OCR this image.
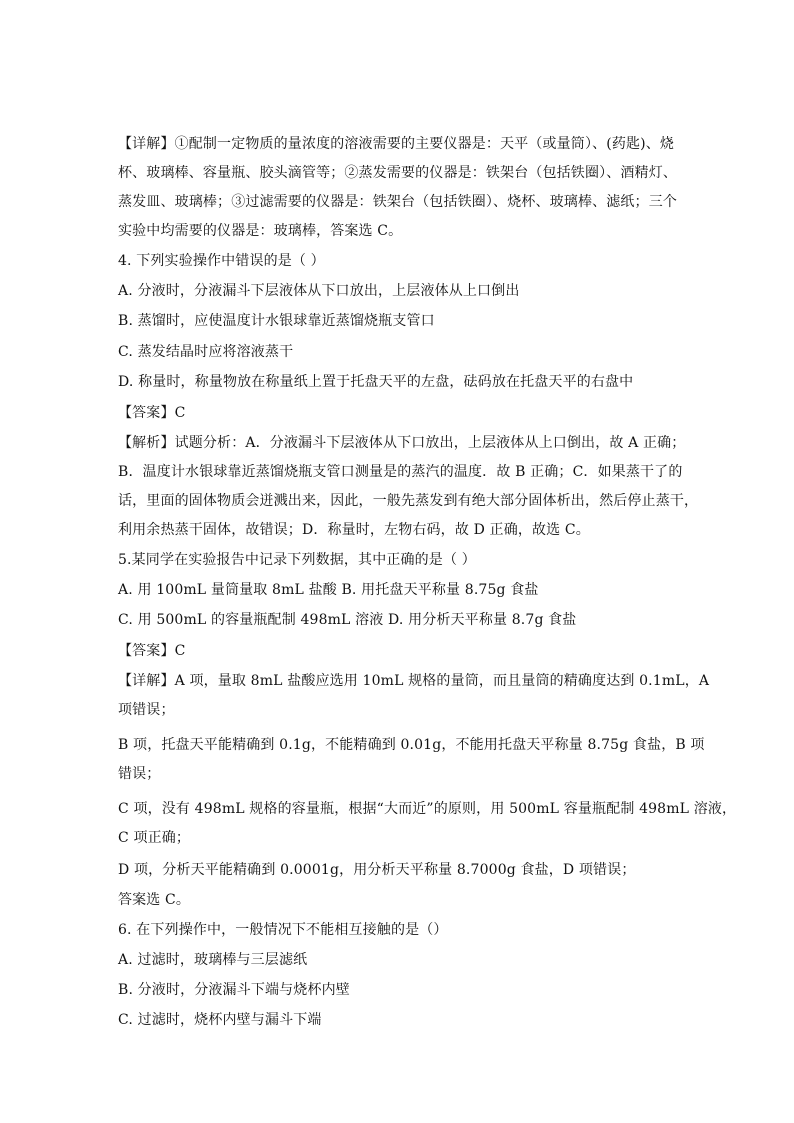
【详解】①配制一定物质的量浓度的溶液需要的主要仪器是：天平（或量筒）、(药匙)、烧
杯、玻璃棒、容量瓶、胶头滴管等；②蒸发需要的仪器是：铁架台（包括铁圈）、酒精灯、
蒸发皿、玻璃棒；③过滤需要的仪器是：铁架台（包括铁圈）、烧杯、玻璃棒、滤纸；三个
实验中均需要的仪器是：玻璃棒，答案选 C。
4. 下列实验操作中错误的是（ ）
A. 分液时，分液漏斗下层液体从下口放出，上层液体从上口倒出
B. 蒸馏时，应使温度计水银球靠近蒸馏烧瓶支管口
C. 蒸发结晶时应将溶液蒸干
D. 称量时，称量物放在称量纸上置于托盘天平的左盘，砝码放在托盘天平的右盘中
【答案】C
【解析】试题分析：A．分液漏斗下层液体从下口放出，上层液体从上口倒出，故 A 正确；
B．温度计水银球靠近蒸馏烧瓶支管口测量是的蒸汽的温度．故 B 正确；C．如果蒸干了的
话，里面的固体物质会迸溅出来，因此，一般先蒸发到有绝大部分固体析出，然后停止蒸干，
利用余热蒸干固体，故错误；D．称量时，左物右码，故 D 正确，故选 C。
5.某同学在实验报告中记录下列数据，其中正确的是（ ）
A. 用 100mL 量筒量取 8mL 盐酸 B. 用托盘天平称量 8.75g 食盐
C. 用 500mL 的容量瓶配制 498mL 溶液 D. 用分析天平称量 8.7g 食盐
【答案】C
【详解】A 项，量取 8mL 盐酸应选用 10mL 规格的量筒，而且量筒的精确度达到 0.1mL，A
项错误；
B 项，托盘天平能精确到 0.1g，不能精确到 0.01g，不能用托盘天平称量 8.75g 食盐，B 项
错误；
C 项，没有 498mL 规格的容量瓶，根据“大而近”的原则，用 500mL 容量瓶配制 498mL 溶液，
C 项正确；
D 项，分析天平能精确到 0.0001g，用分析天平称量 8.7000g 食盐，D 项错误；
答案选 C。
6. 在下列操作中，一般情况下不能相互接触的是（）
A. 过滤时，玻璃棒与三层滤纸
B. 分液时，分液漏斗下端与烧杯内壁
C. 过滤时，烧杯内壁与漏斗下端
